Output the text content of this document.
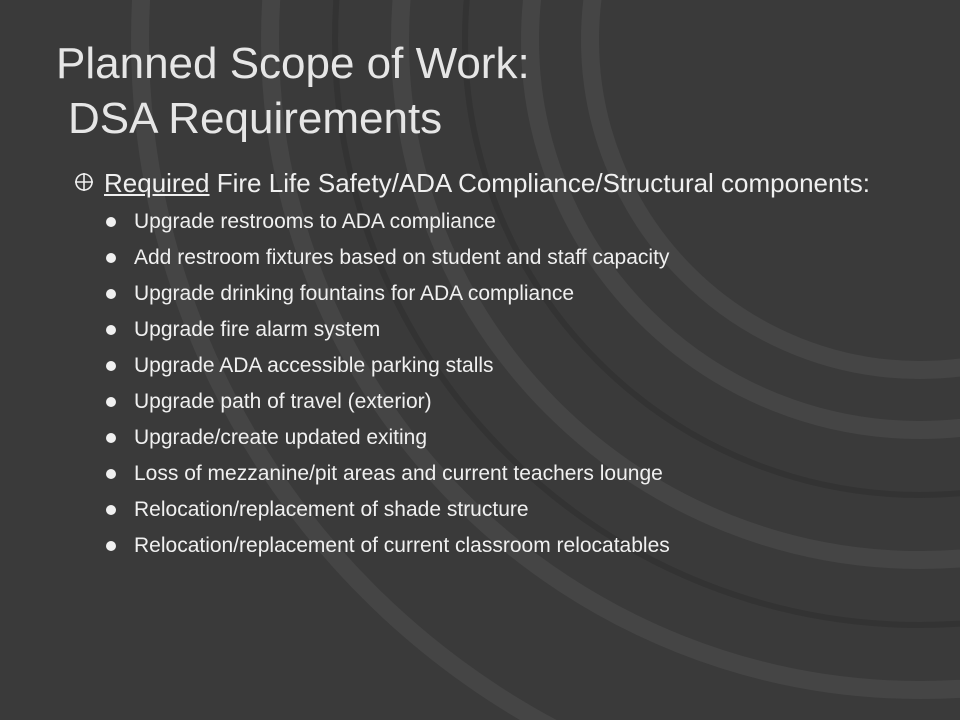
Planned Scope of Work:
DSA Requirements
Required Fire Life Safety/ADA Compliance/Structural components:
Upgrade restrooms to ADA compliance
Add restroom fixtures based on student and staff capacity
Upgrade drinking fountains for ADA compliance
Upgrade fire alarm system
Upgrade ADA accessible parking stalls
Upgrade path of travel (exterior)
Upgrade/create updated exiting
Loss of mezzanine/pit areas and current teachers lounge
Relocation/replacement of shade structure
Relocation/replacement of current classroom relocatables
